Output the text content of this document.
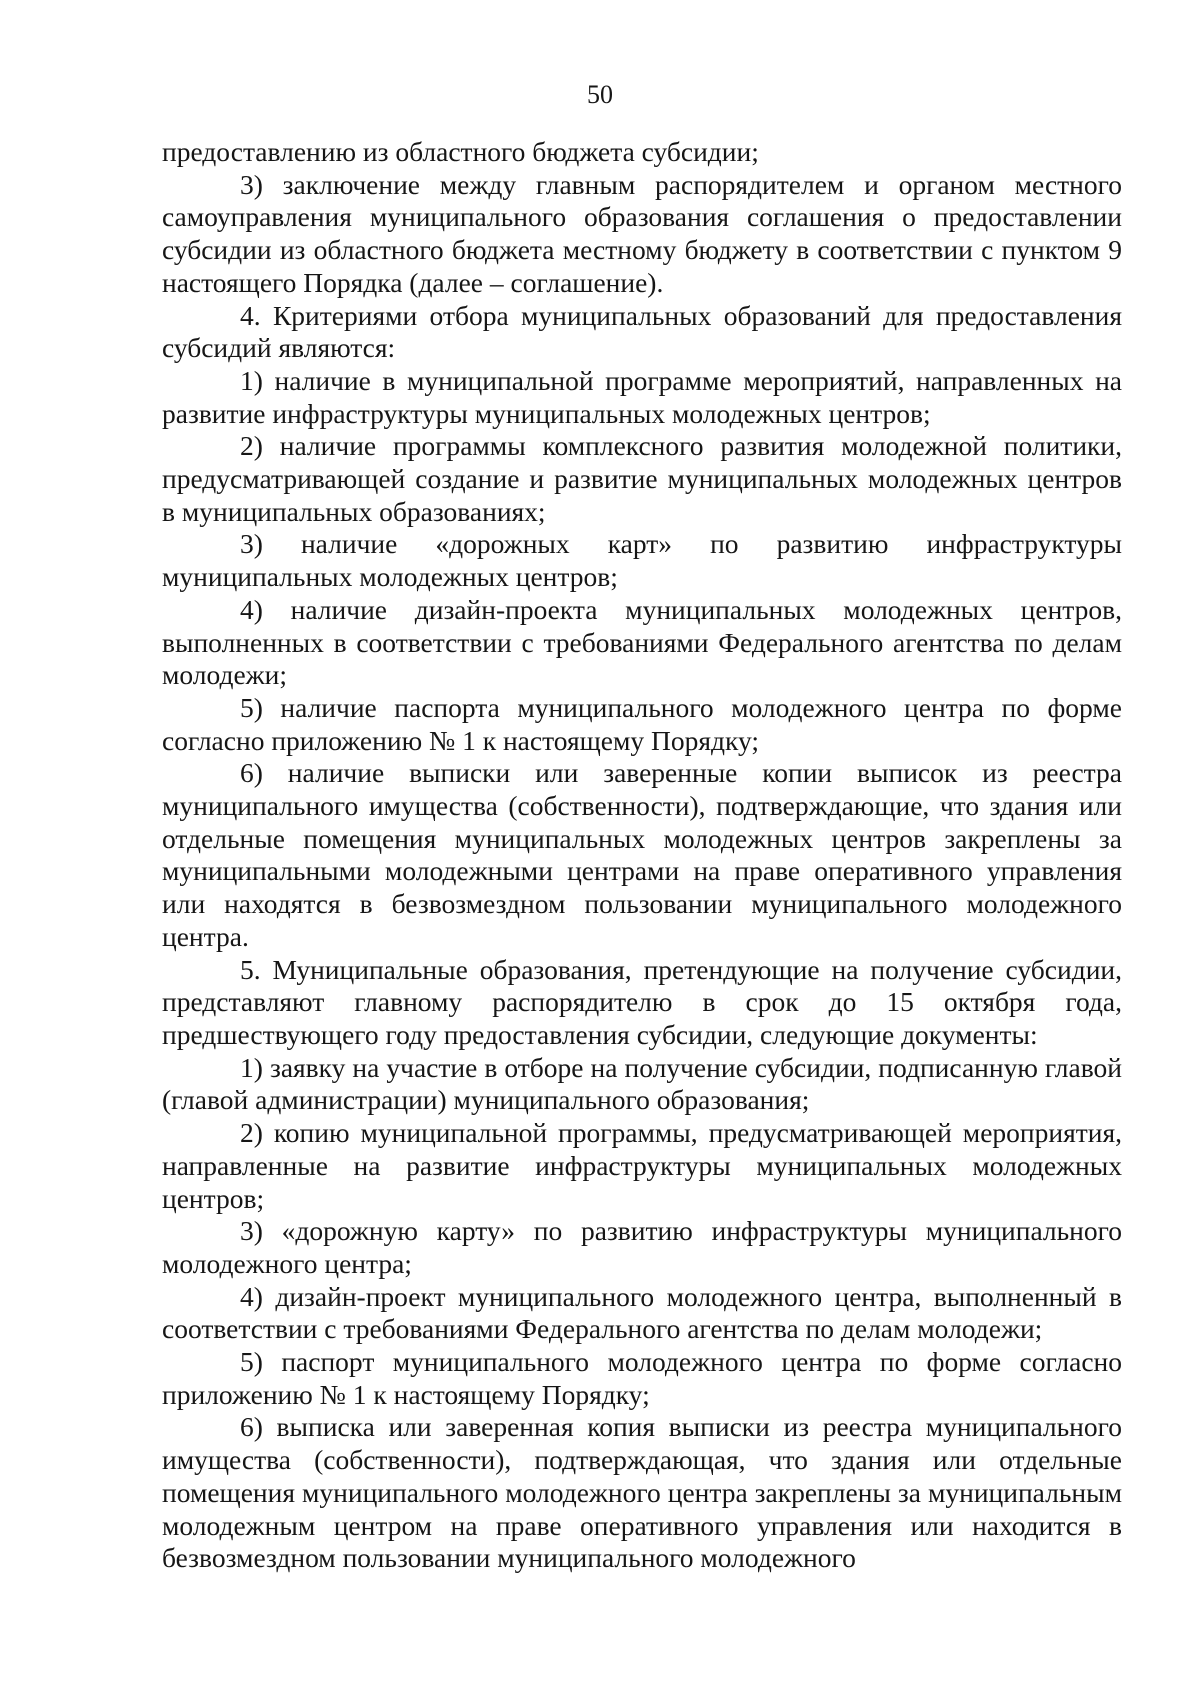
50

предоставлению из областного бюджета субсидии;

3) заключение между главным распорядителем и органом местного самоуправления муниципального образования соглашения о предоставлении субсидии из областного бюджета местному бюджету в соответствии с пунктом 9 настоящего Порядка (далее – соглашение).

4. Критериями отбора муниципальных образований для предоставления субсидий являются:

1) наличие в муниципальной программе мероприятий, направленных на развитие инфраструктуры муниципальных молодежных центров;

2) наличие программы комплексного развития молодежной политики, предусматривающей создание и развитие муниципальных молодежных центров в муниципальных образованиях;

3) наличие «дорожных карт» по развитию инфраструктуры муниципальных молодежных центров;

4) наличие дизайн-проекта муниципальных молодежных центров, выполненных в соответствии с требованиями Федерального агентства по делам молодежи;

5) наличие паспорта муниципального молодежного центра по форме согласно приложению № 1 к настоящему Порядку;

6) наличие выписки или заверенные копии выписок из реестра муниципального имущества (собственности), подтверждающие, что здания или отдельные помещения муниципальных молодежных центров закреплены за муниципальными молодежными центрами на праве оперативного управления или находятся в безвозмездном пользовании муниципального молодежного центра.

5. Муниципальные образования, претендующие на получение субсидии, представляют главному распорядителю в срок до 15 октября года, предшествующего году предоставления субсидии, следующие документы:

1) заявку на участие в отборе на получение субсидии, подписанную главой (главой администрации) муниципального образования;

2) копию муниципальной программы, предусматривающей мероприятия, направленные на развитие инфраструктуры муниципальных молодежных центров;

3) «дорожную карту» по развитию инфраструктуры муниципального молодежного центра;

4) дизайн-проект муниципального молодежного центра, выполненный в соответствии с требованиями Федерального агентства по делам молодежи;

5) паспорт муниципального молодежного центра по форме согласно приложению № 1 к настоящему Порядку;

6) выписка или заверенная копия выписки из реестра муниципального имущества (собственности), подтверждающая, что здания или отдельные помещения муниципального молодежного центра закреплены за муниципальным молодежным центром на праве оперативного управления или находится в безвозмездном пользовании муниципального молодежного
